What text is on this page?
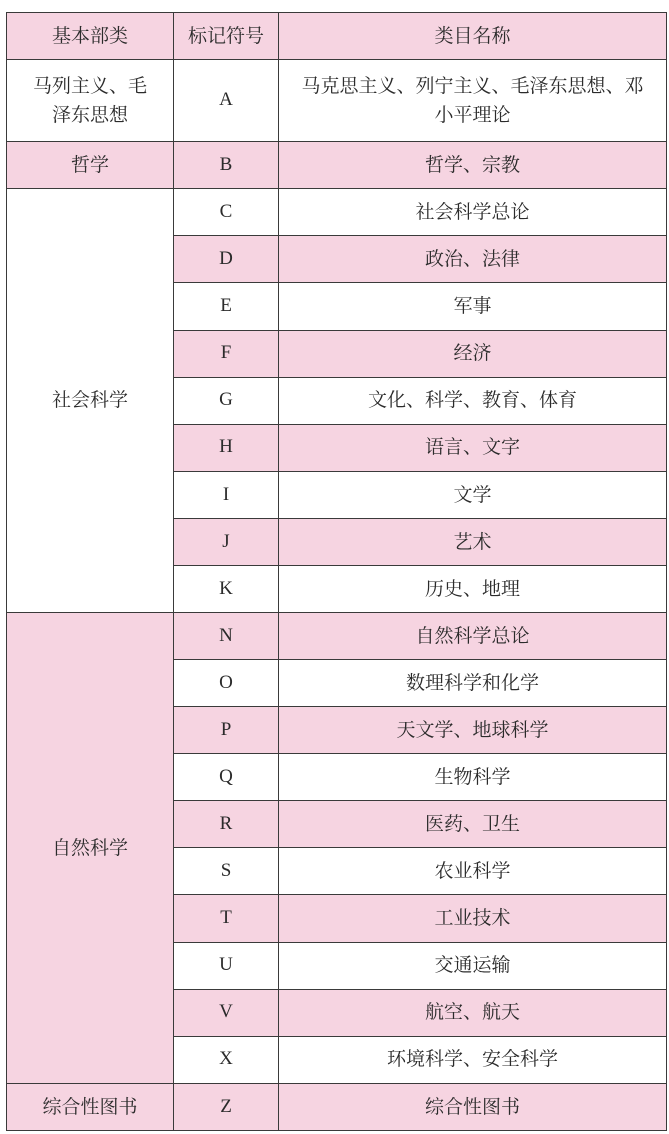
基本部类	标记符号	类目名称

马列主义、毛泽东思想	A	马克思主义、列宁主义、毛泽东思想、邓小平理论

哲学	B	哲学、宗教
社会科学	C	社会科学总论
	D	政治、法律
	E	军事
	F	经济
	G	文化、科学、教育、体育
	H	语言、文字
	I	文学
	J	艺术
	K	历史、地理
自然科学	N	自然科学总论
	O	数理科学和化学
	P	天文学、地球科学
	Q	生物科学
	R	医药、卫生
	S	农业科学
	T	工业技术
	U	交通运输
	V	航空、航天
	X	环境科学、安全科学
综合性图书	Z	综合性图书
